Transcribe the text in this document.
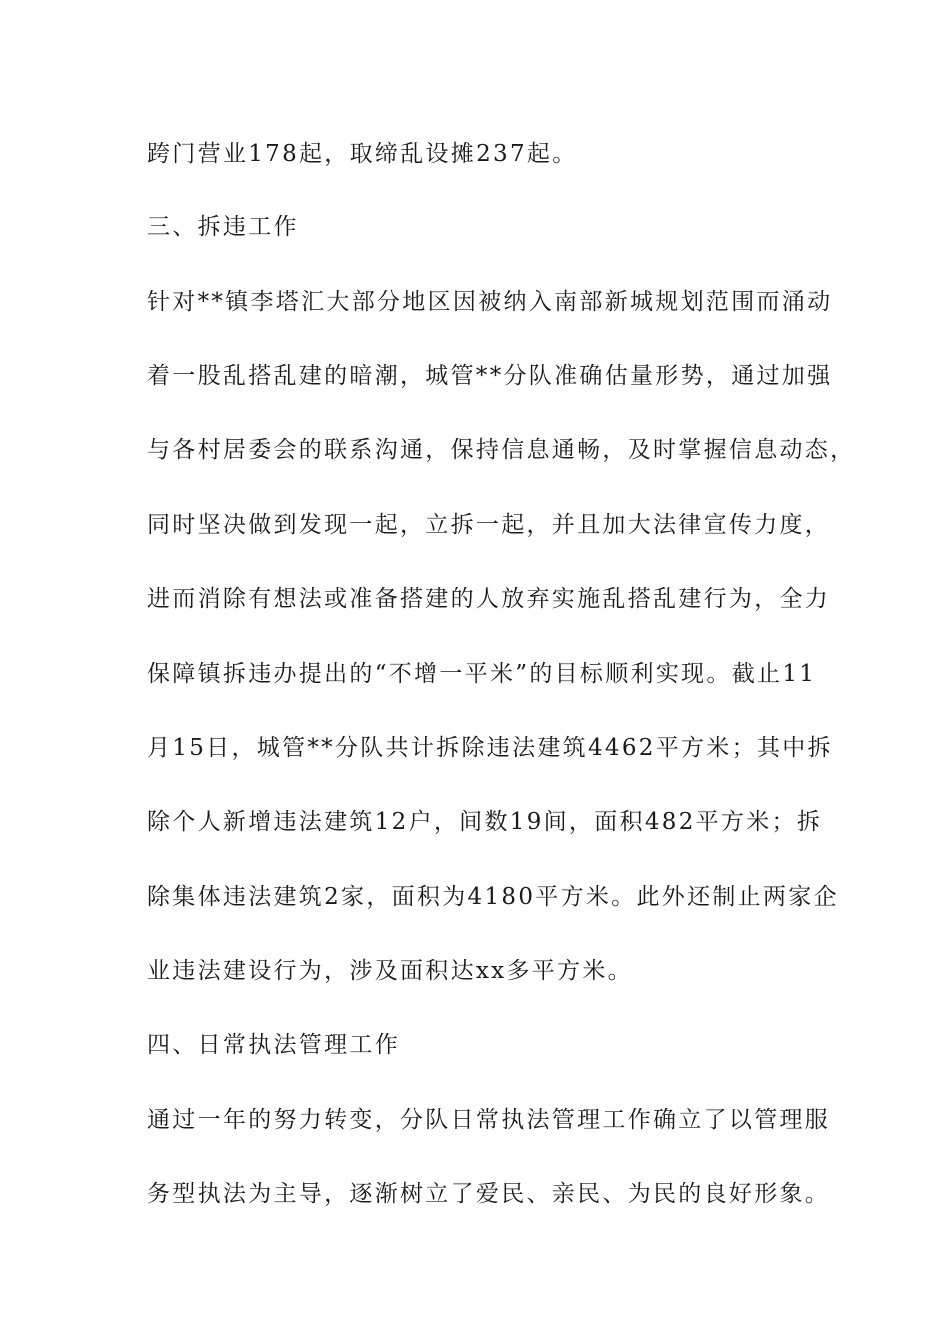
跨门营业178起，取缔乱设摊237起。
三、拆违工作
针对**镇李塔汇大部分地区因被纳入南部新城规划范围而涌动
着一股乱搭乱建的暗潮，城管**分队准确估量形势，通过加强
与各村居委会的联系沟通，保持信息通畅，及时掌握信息动态，
同时坚决做到发现一起，立拆一起，并且加大法律宣传力度，
进而消除有想法或准备搭建的人放弃实施乱搭乱建行为，全力
保障镇拆违办提出的“不增一平米”的目标顺利实现。截止11
月15日，城管**分队共计拆除违法建筑4462平方米；其中拆
除个人新增违法建筑12户，间数19间，面积482平方米；拆
除集体违法建筑2家，面积为4180平方米。此外还制止两家企
业违法建设行为，涉及面积达xx多平方米。
四、日常执法管理工作
通过一年的努力转变，分队日常执法管理工作确立了以管理服
务型执法为主导，逐渐树立了爱民、亲民、为民的良好形象。
